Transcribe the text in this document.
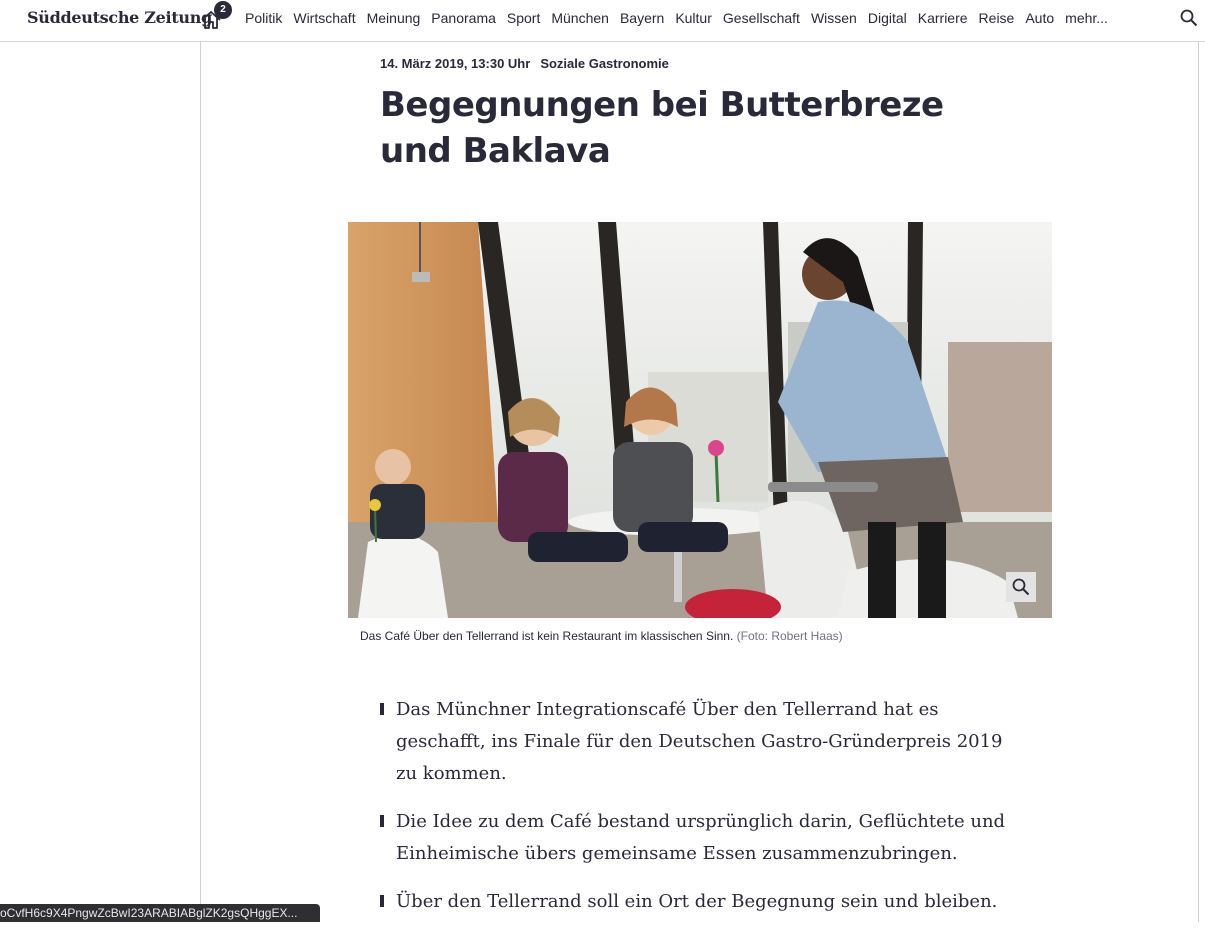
Süddeutsche Zeitung 2
Politik Wirtschaft Meinung Panorama Sport München Bayern Kultur Gesellschaft Wissen Digital Karriere Reise Auto mehr...
14. März 2019, 13:30 Uhr Soziale Gastronomie
Begegnungen bei Butterbreze und Baklava
Das Café Über den Tellerrand ist kein Restaurant im klassischen Sinn. (Foto: Robert Haas)
Das Münchner Integrationscafé Über den Tellerrand hat es geschafft, ins Finale für den Deutschen Gastro-Gründerpreis 2019 zu kommen.
Die Idee zu dem Café bestand ursprünglich darin, Geflüchtete und Einheimische übers gemeinsame Essen zusammenzubringen.
Über den Tellerrand soll ein Ort der Begegnung sein und bleiben.
oCvfH6c9X4PngwZcBwI23ARABIABglZK2gsQHggEX...
